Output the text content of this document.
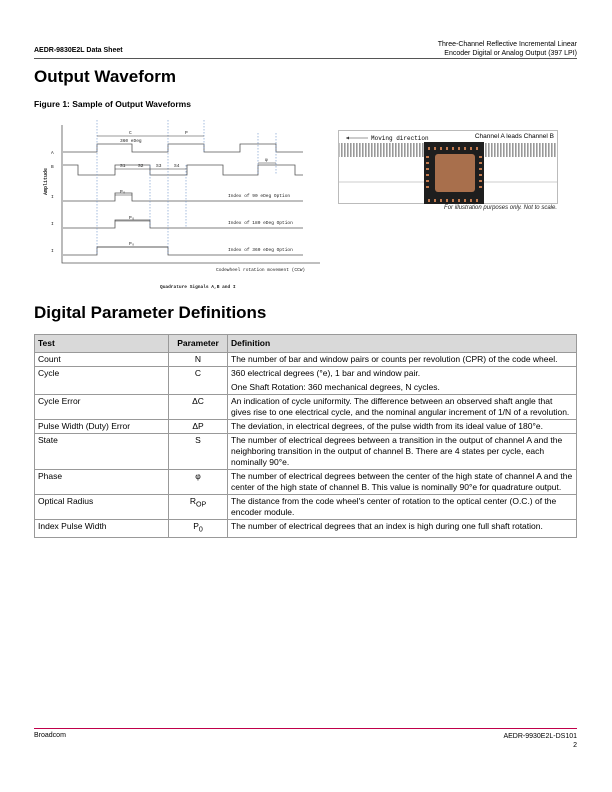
AEDR-9830E2L Data Sheet
Three-Channel Reflective Incremental Linear
Encoder Digital or Analog Output (397 LPI)
Output Waveform
Figure 1: Sample of Output Waveforms
Amplitude
A
B
I
I
I
C
360 eDeg
P
S1	S2	S3	S4
φ
P₀
P₀
P₀
Index of 90 eDeg Option
Index of 180 eDeg Option
Index of 360 eDeg Option
Codewheel rotation movement (CCW)
Quadrature Signals A,B and I
Moving direction	Channel A leads Channel B
For illustration purposes only. Not to scale.
Digital Parameter Definitions
Test	Parameter	Definition
Count	N	The number of bar and window pairs or counts per revolution (CPR) of the code wheel.
Cycle	C	360 electrical degrees (°e), 1 bar and window pair.
One Shaft Rotation: 360 mechanical degrees, N cycles.

Cycle Error	ΔC	An indication of cycle uniformity. The difference between an observed shaft angle that gives rise to one electrical cycle, and the nominal angular increment of 1/N of a revolution.
Pulse Width (Duty) Error	ΔP	The deviation, in electrical degrees, of the pulse width from its ideal value of 180°e.
State	S	The number of electrical degrees between a transition in the output of channel A and the neighboring transition in the output of channel B. There are 4 states per cycle, each nominally 90°e.
Phase	φ	The number of electrical degrees between the center of the high state of channel A and the center of the high state of channel B. This value is nominally 90°e for quadrature output.
Optical Radius	$R_{OP}$	The distance from the code wheel's center of rotation to the optical center (O.C.) of the encoder module.
Index Pulse Width	$P_0$	The number of electrical degrees that an index is high during one full shaft rotation.
Broadcom	AEDR-9930E2L-DS101
2
